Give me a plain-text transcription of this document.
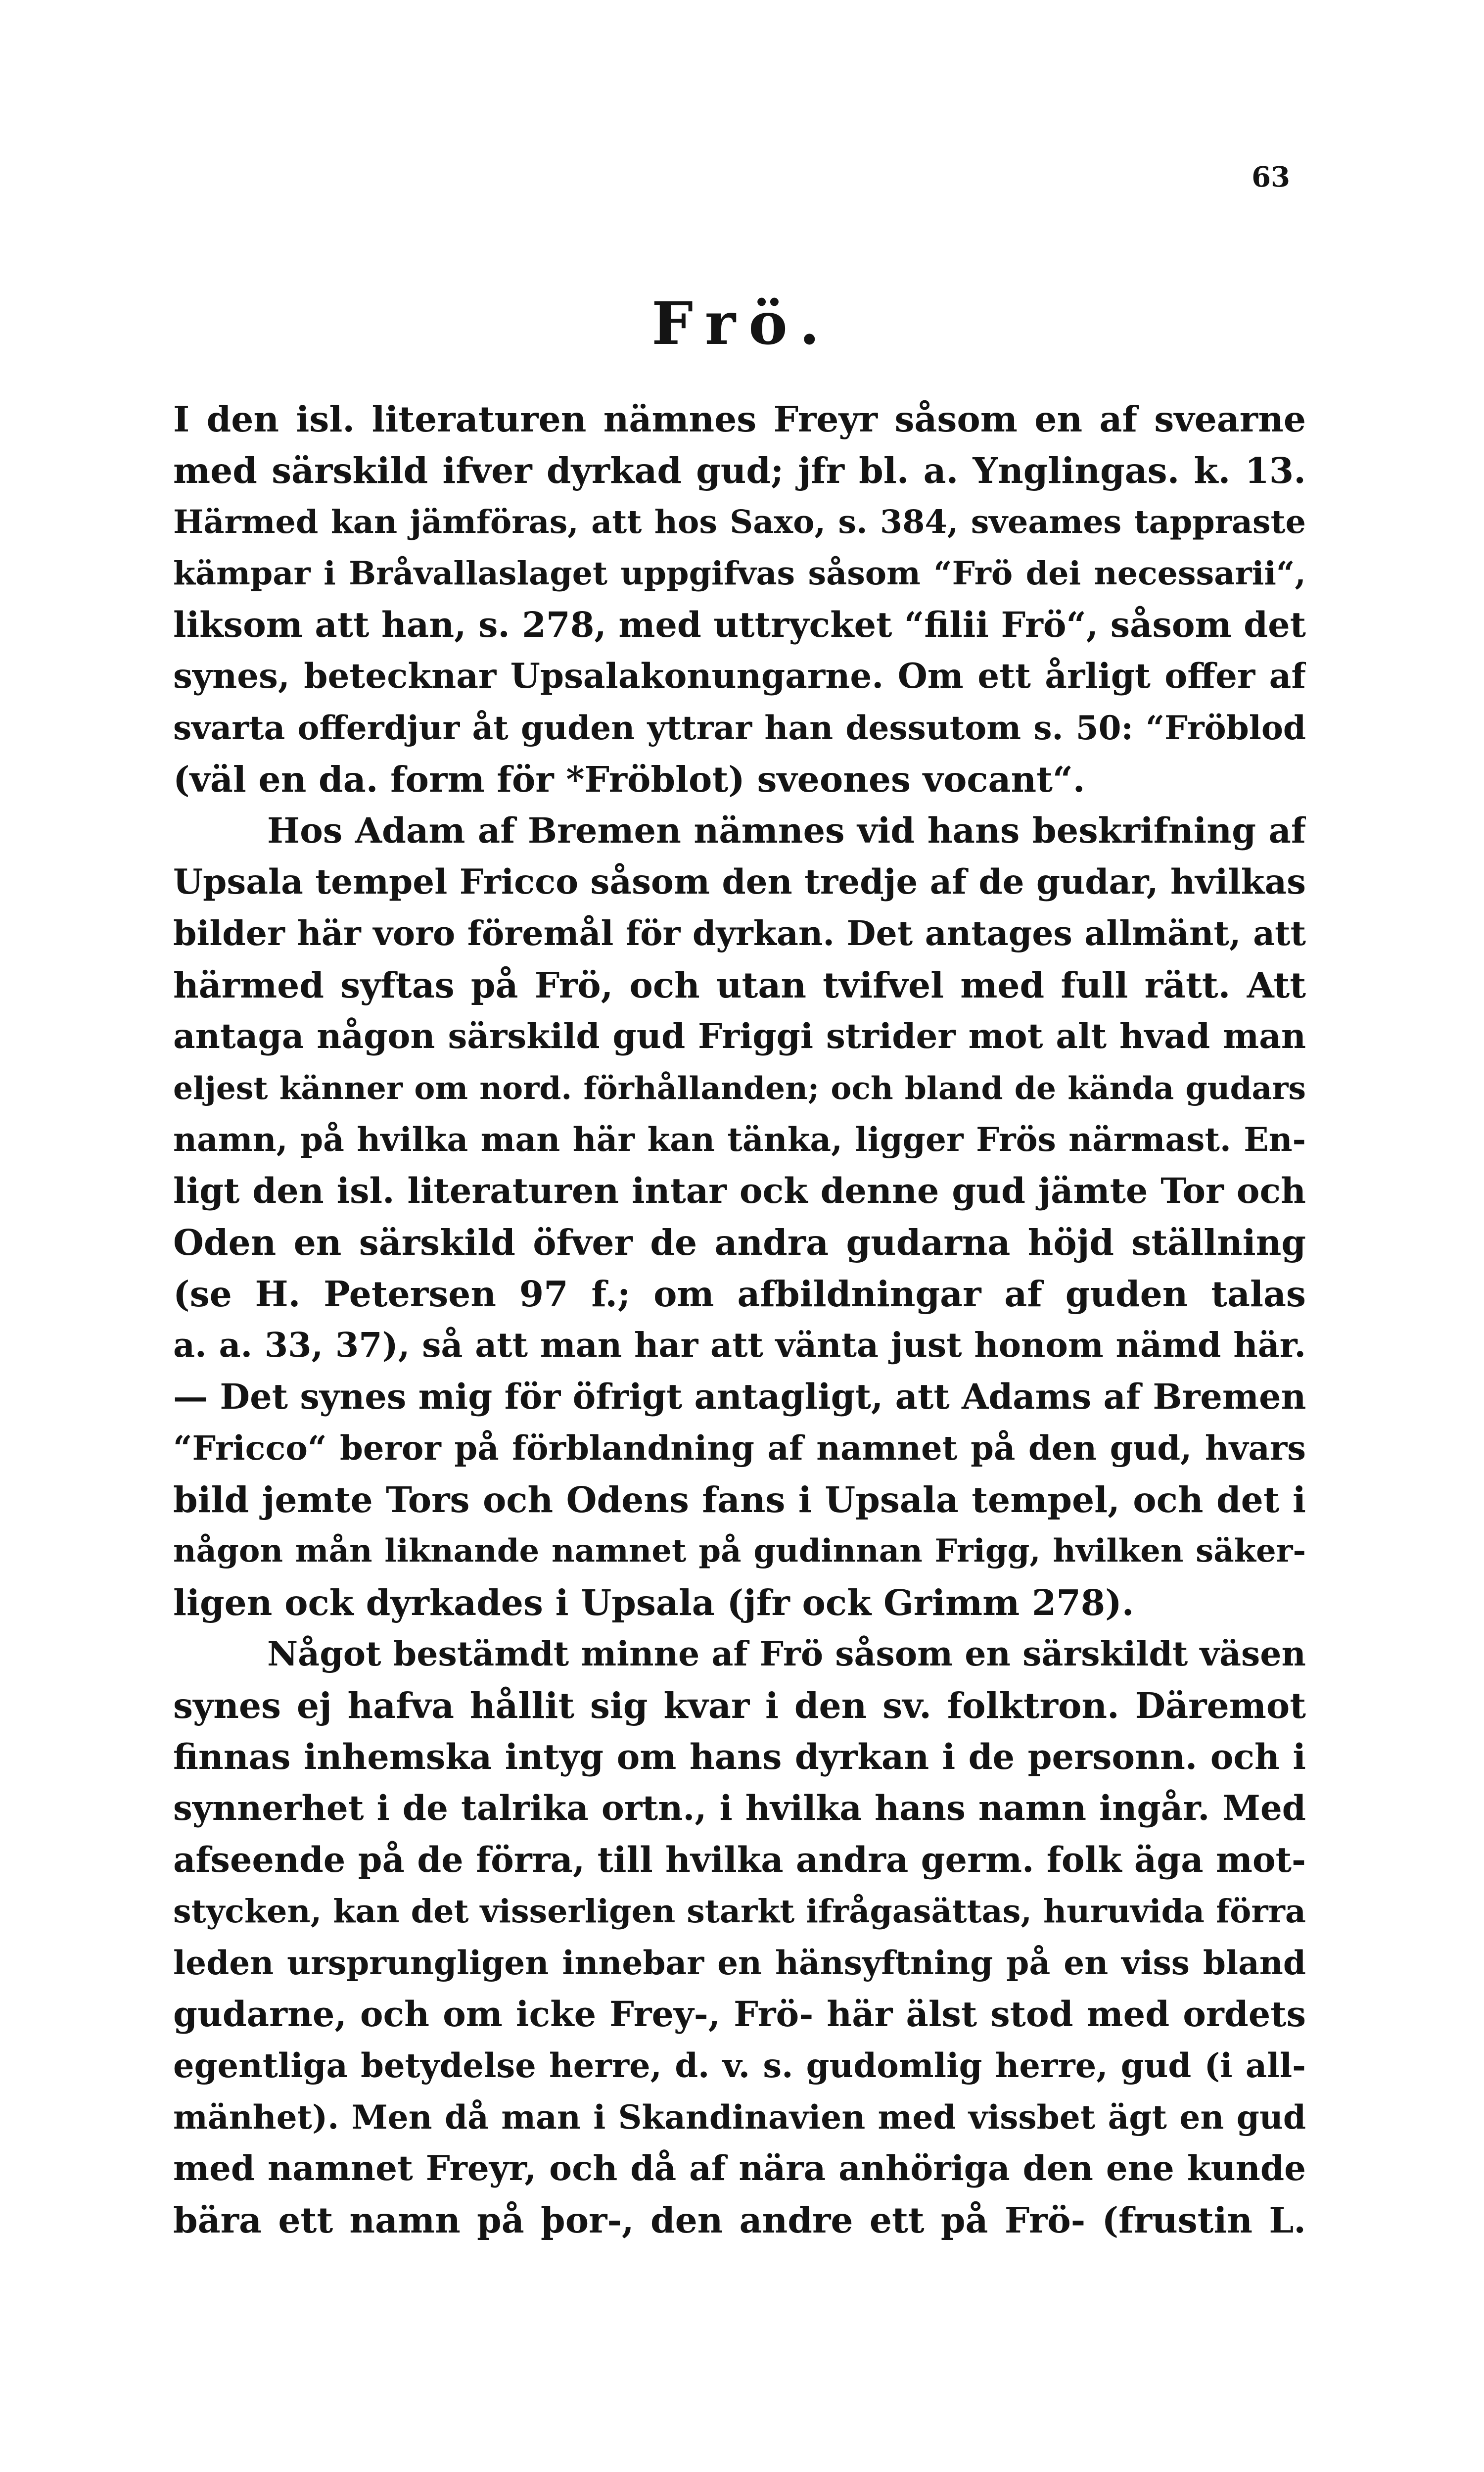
63
Frö.
I den isl. literaturen nämnes Freyr såsom en af svearne
med särskild ifver dyrkad gud; jfr bl. a. Ynglingas. k. 13.
Härmed kan jämföras, att hos Saxo, s. 384, sveames tappraste
kämpar i Bråvallaslaget uppgifvas såsom “Frö dei necessarii“,
liksom att han, s. 278, med uttrycket “filii Frö“, såsom det
synes, betecknar Upsalakonungarne. Om ett årligt offer af
svarta offerdjur åt guden yttrar han dessutom s. 50: “Fröblod
(väl en da. form för *Fröblot) sveones vocant“.
Hos Adam af Bremen nämnes vid hans beskrifning af
Upsala tempel Fricco såsom den tredje af de gudar, hvilkas
bilder här voro föremål för dyrkan. Det antages allmänt, att
härmed syftas på Frö, och utan tvifvel med full rätt. Att
antaga någon särskild gud Friggi strider mot alt hvad man
eljest känner om nord. förhållanden; och bland de kända gudars
namn, på hvilka man här kan tänka, ligger Frös närmast. En-
ligt den isl. literaturen intar ock denne gud jämte Tor och
Oden en särskild öfver de andra gudarna höjd ställning
(se H. Petersen 97 f.; om afbildningar af guden talas
a. a. 33, 37), så att man har att vänta just honom nämd här.
— Det synes mig för öfrigt antagligt, att Adams af Bremen
“Fricco“ beror på förblandning af namnet på den gud, hvars
bild jemte Tors och Odens fans i Upsala tempel, och det i
någon mån liknande namnet på gudinnan Frigg, hvilken säker-
ligen ock dyrkades i Upsala (jfr ock Grimm 278).
Något bestämdt minne af Frö såsom en särskildt väsen
synes ej hafva hållit sig kvar i den sv. folktron. Däremot
finnas inhemska intyg om hans dyrkan i de personn. och i
synnerhet i de talrika ortn., i hvilka hans namn ingår. Med
afseende på de förra, till hvilka andra germ. folk äga mot-
stycken, kan det visserligen starkt ifrågasättas, huruvida förra
leden ursprungligen innebar en hänsyftning på en viss bland
gudarne, och om icke Frey-, Frö- här älst stod med ordets
egentliga betydelse herre, d. v. s. gudomlig herre, gud (i all-
mänhet). Men då man i Skandinavien med vissbet ägt en gud
med namnet Freyr, och då af nära anhöriga den ene kunde
bära ett namn på þor-, den andre ett på Frö- (frustin L.
